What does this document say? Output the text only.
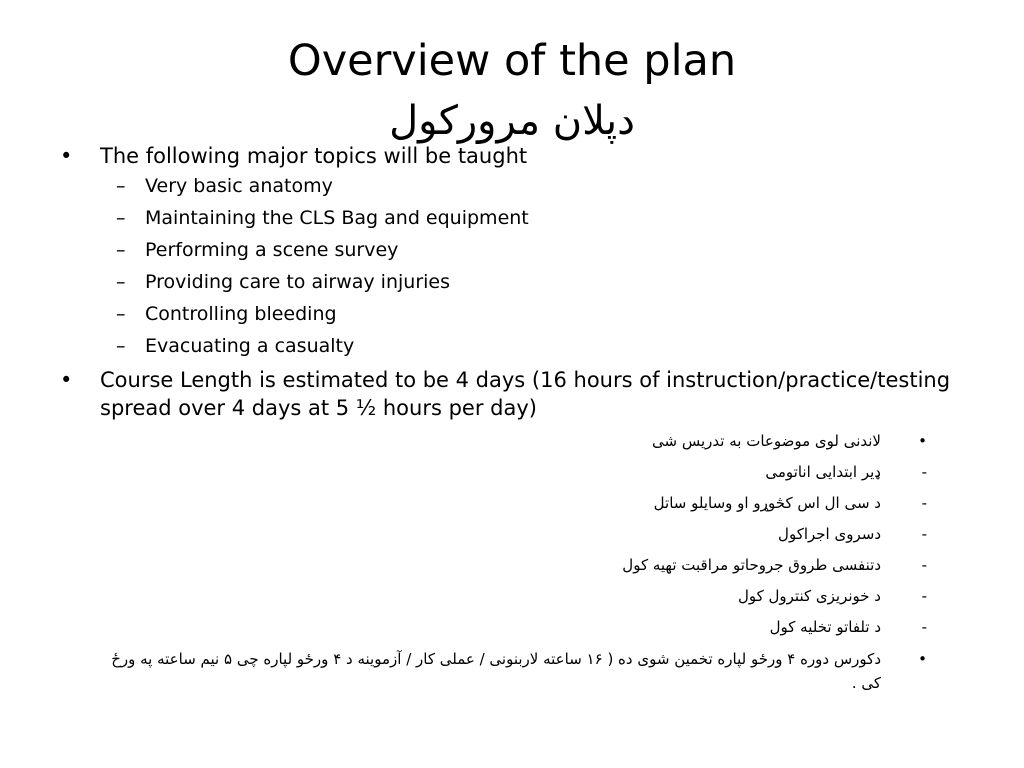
Overview of the plan
دپلان مرورکول
• The following major topics will be taught
– Very basic anatomy
– Maintaining the CLS Bag and equipment
– Performing a scene survey
– Providing care to airway injuries
– Controlling bleeding
– Evacuating a casualty
• Course Length is estimated to be 4 days (16 hours of instruction/practice/testing spread over 4 days at 5 ½ hours per day)
•
لاندنی لوی موضوعات به تدریس شی
-
ډیر ابتدایی اناتومی
-
د سی ال اس کڅوړو او وسایلو ساتل
-
دسروی اجراکول
-
دتنفسی طروق جروحاتو مراقبت تهیه کول
-
د خونریزی کنترول کول
-
د تلفاتو تخلیه کول
•
دکورس دوره ۴ ورځو لپاره تخمین شوی ده ( ۱۶ ساعته لاربنونی / عملی کار / آزموینه د ۴ ورځو لپاره چی ۵ نیم ساعته په ورځ کی .
